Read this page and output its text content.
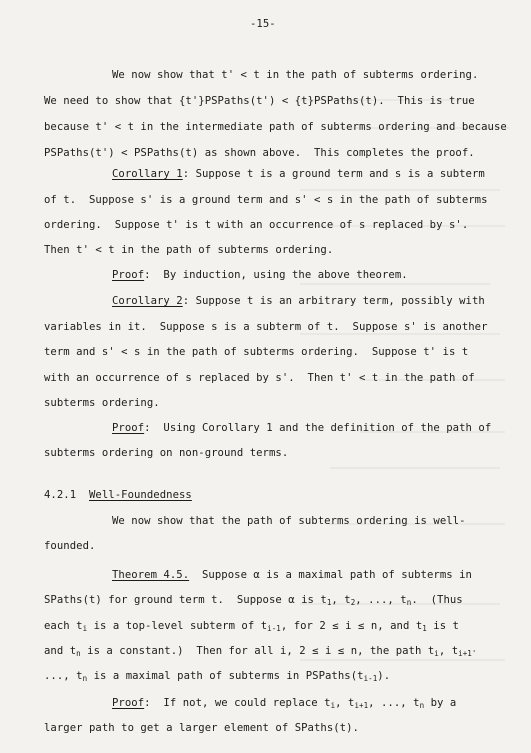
-15-
We now show that t' < t in the path of subterms ordering.
We need to show that {t'}PSPaths(t') < {t}PSPaths(t).  This is true
because t' < t in the intermediate path of subterms ordering and because
PSPaths(t') < PSPaths(t) as shown above.  This completes the proof.
Corollary 1: Suppose t is a ground term and s is a subterm
of t.  Suppose s' is a ground term and s' < s in the path of subterms
ordering.  Suppose t' is t with an occurrence of s replaced by s'.
Then t' < t in the path of subterms ordering.
Proof:  By induction, using the above theorem.
Corollary 2: Suppose t is an arbitrary term, possibly with
variables in it.  Suppose s is a subterm of t.  Suppose s' is another
term and s' < s in the path of subterms ordering.  Suppose t' is t
with an occurrence of s replaced by s'.  Then t' < t in the path of
subterms ordering.
Proof:  Using Corollary 1 and the definition of the path of
subterms ordering on non-ground terms.
4.2.1 Well-Foundedness
We now show that the path of subterms ordering is well-
founded.
Theorem 4.5.  Suppose α is a maximal path of subterms in
SPaths(t) for ground term t.  Suppose α is $t_1$, $t_2$, ..., $t_n$.  (Thus
each $t_i$ is a top-level subterm of $t_{i-1}$, for 2 ≤ i ≤ n, and $t_1$ is t
and $t_n$ is a constant.)  Then for all i, 2 ≤ i ≤ n, the path $t_i$, $t_{i+1'}$
..., $t_n$ is a maximal path of subterms in $PSPaths(t_{i-1})$.
Proof:  If not, we could replace $t_i$, $t_{i+1}$, ..., $t_n$ by a
larger path to get a larger element of SPaths(t).
